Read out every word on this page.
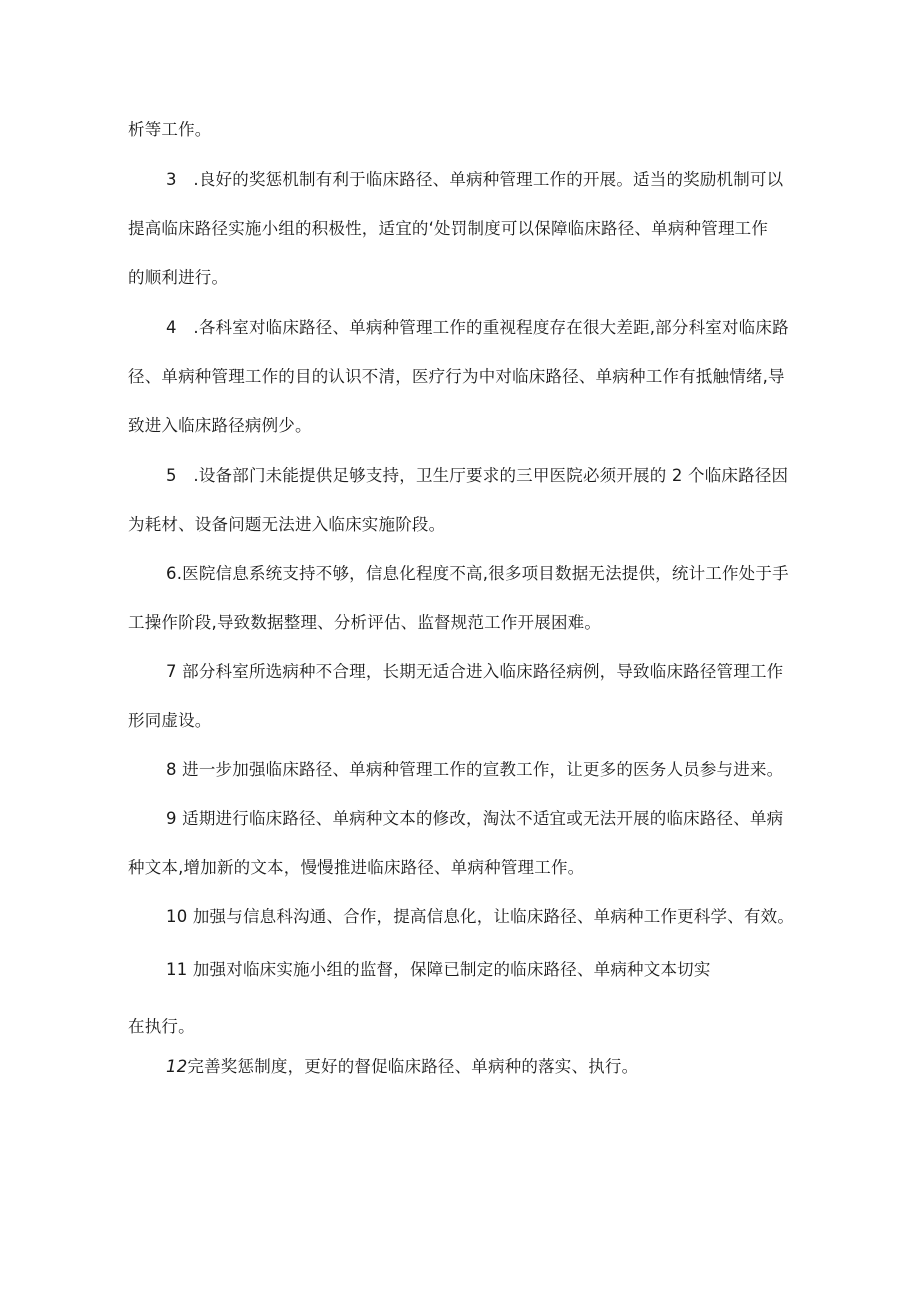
析等工作。
3　.良好的奖惩机制有利于临床路径、单病种管理工作的开展。适当的奖励机制可以
提高临床路径实施小组的积极性，适宜的‘处罚制度可以保障临床路径、单病种管理工作
的顺利进行。
4　.各科室对临床路径、单病种管理工作的重视程度存在很大差距,部分科室对临床路
径、单病种管理工作的目的认识不清，医疗行为中对临床路径、单病种工作有抵触情绪,导
致进入临床路径病例少。
5　.设备部门未能提供足够支持，卫生厅要求的三甲医院必须开展的 2 个临床路径因
为耗材、设备问题无法进入临床实施阶段。
6.医院信息系统支持不够，信息化程度不高,很多项目数据无法提供，统计工作处于手
工操作阶段,导致数据整理、分析评估、监督规范工作开展困难。
7 部分科室所选病种不合理，长期无适合进入临床路径病例，导致临床路径管理工作
形同虚设。
8 进一步加强临床路径、单病种管理工作的宣教工作，让更多的医务人员参与进来。
9 适期进行临床路径、单病种文本的修改，淘汰不适宜或无法开展的临床路径、单病
种文本,增加新的文本，慢慢推进临床路径、单病种管理工作。
10 加强与信息科沟通、合作，提高信息化，让临床路径、单病种工作更科学、有效。
11 加强对临床实施小组的监督，保障已制定的临床路径、单病种文本切实
在执行。
12完善奖惩制度，更好的督促临床路径、单病种的落实、执行。
